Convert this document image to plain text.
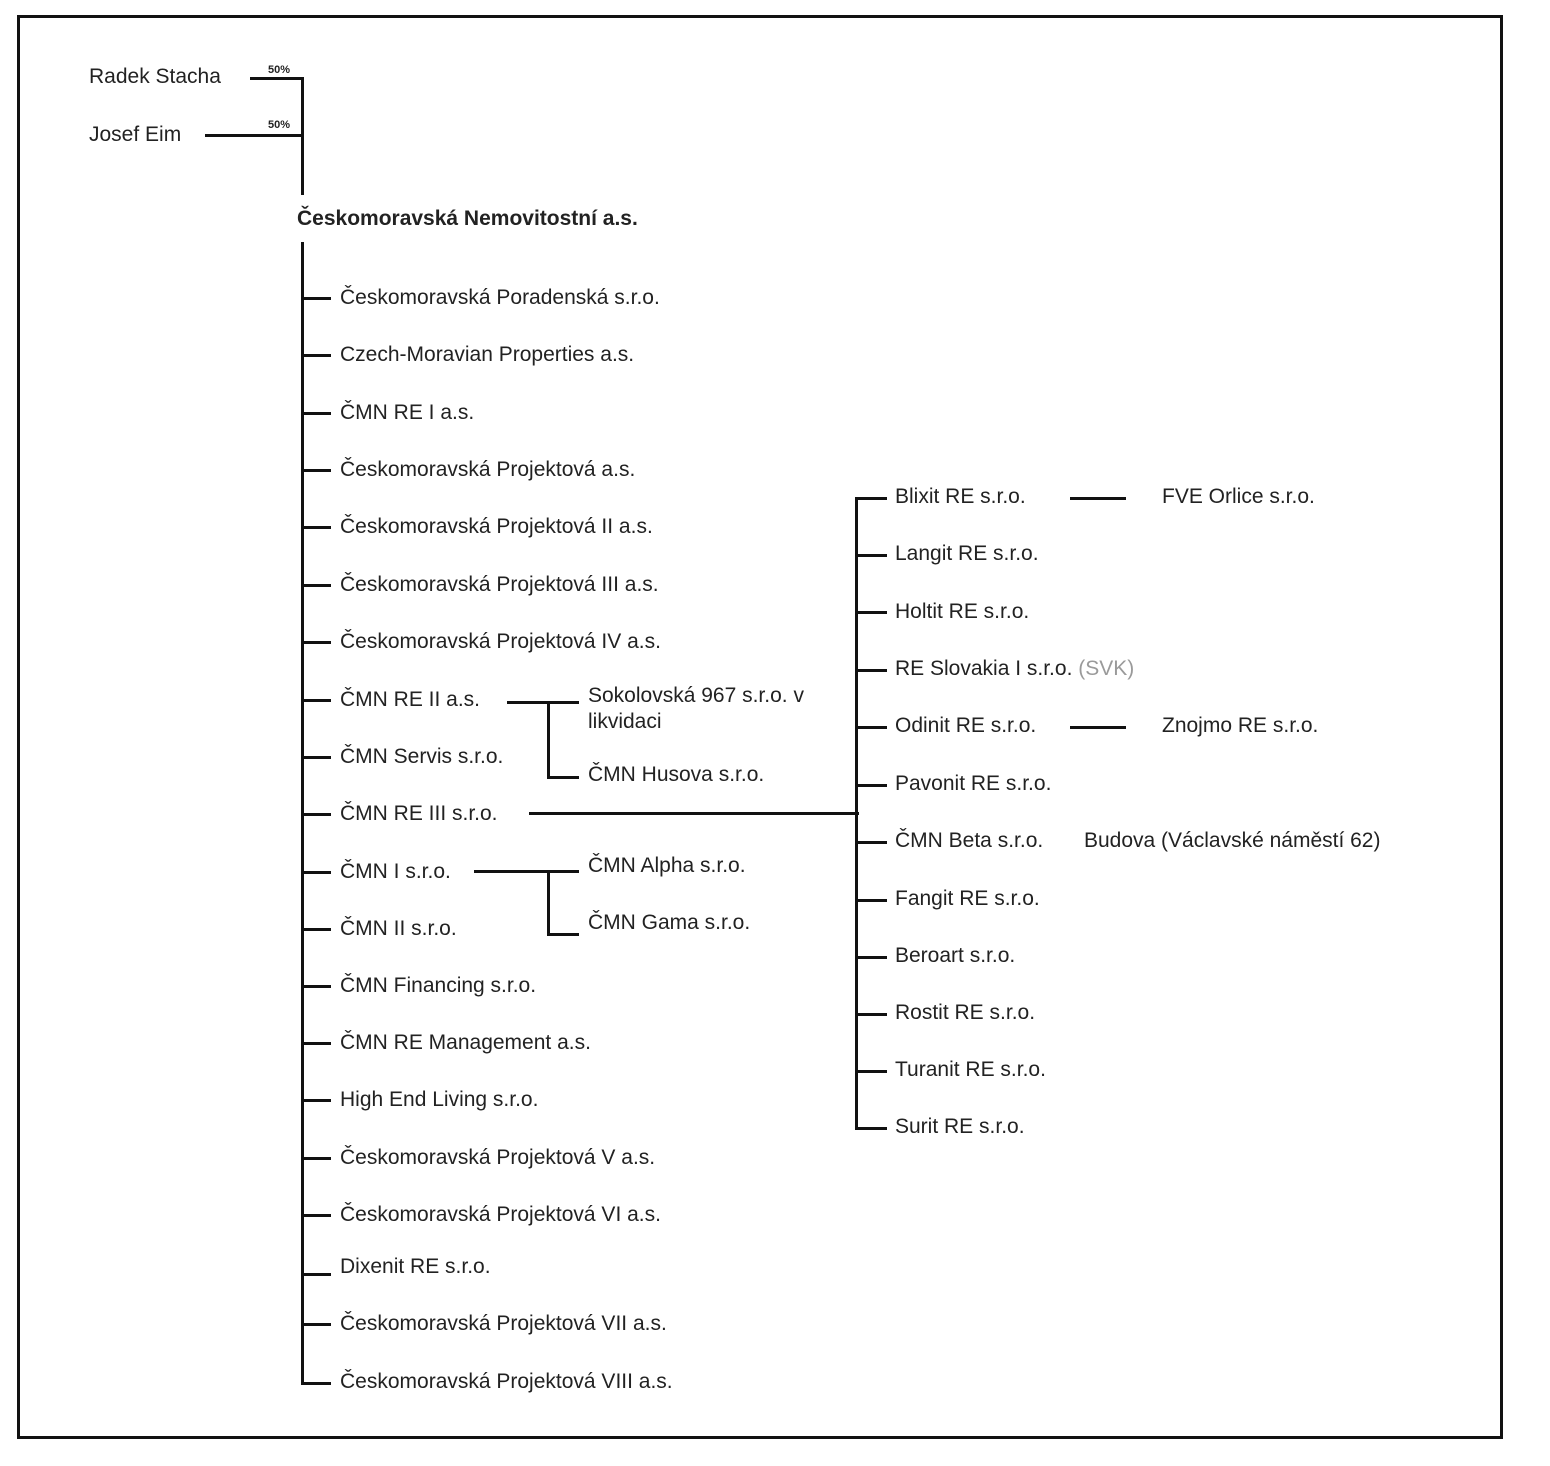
Radek Stacha	50%
Josef Eim	50%
Českomoravská Nemovitostní a.s.
Českomoravská Poradenská s.r.o.
Czech-Moravian Properties a.s.
ČMN RE I a.s.
Českomoravská Projektová a.s.
Českomoravská Projektová II a.s.
Českomoravská Projektová III a.s.
Českomoravská Projektová IV a.s.
ČMN RE II a.s.
ČMN Servis s.r.o.
ČMN RE III s.r.o.
ČMN I s.r.o.
ČMN II s.r.o.
ČMN Financing s.r.o.
ČMN RE Management a.s.
High End Living s.r.o.
Českomoravská Projektová V a.s.
Českomoravská Projektová VI a.s.
Dixenit RE s.r.o.
Českomoravská Projektová VII a.s.
Českomoravská Projektová VIII a.s.
Sokolovská 967 s.r.o. v likvidaci
ČMN Husova s.r.o.
ČMN Alpha s.r.o.
ČMN Gama s.r.o.
Blixit RE s.r.o.
Langit RE s.r.o.
Holtit RE s.r.o.
RE Slovakia I s.r.o. (SVK)
Odinit RE s.r.o.
Pavonit RE s.r.o.
ČMN Beta s.r.o.
Fangit RE s.r.o.
Beroart s.r.o.
Rostit RE s.r.o.
Turanit RE s.r.o.
Surit RE s.r.o.
FVE Orlice s.r.o.
Znojmo RE s.r.o.
Budova (Václavské náměstí 62)
